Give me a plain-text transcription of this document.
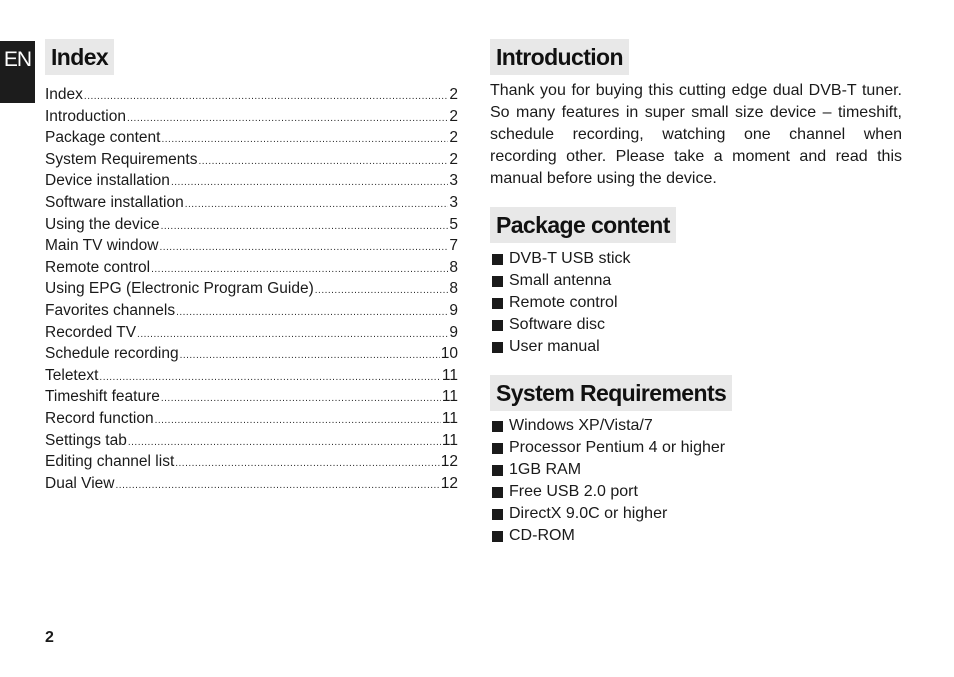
EN Index
Index .....	2
Introduction .....	2
Package content .....	2
System Requirements .....	2
Device installation .....	3
Software installation .....	3
Using the device .....	5
Main TV window .....	7
Remote control .....	8
Using EPG (Electronic Program Guide) .....	8
Favorites channels .....	9
Recorded TV .....	9
Schedule recording .....	10
Teletext .....	11
Timeshift feature .....	11
Record function .....	11
Settings tab .....	11
Editing channel list .....	12
Dual View .....	12
Introduction

Thank you for buying this cutting edge dual DVB-T tuner. So many features in super small size device – timeshift, schedule recording, watching one channel when recording other. Please take a moment and read this manual before using the device.

Package content
DVB-T USB stick
Small antenna
Remote control
Software disc
User manual
System Requirements
Windows XP/Vista/7
Processor Pentium 4 or higher
1GB RAM
Free USB 2.0 port
DirectX 9.0C or higher
CD-ROM
2
